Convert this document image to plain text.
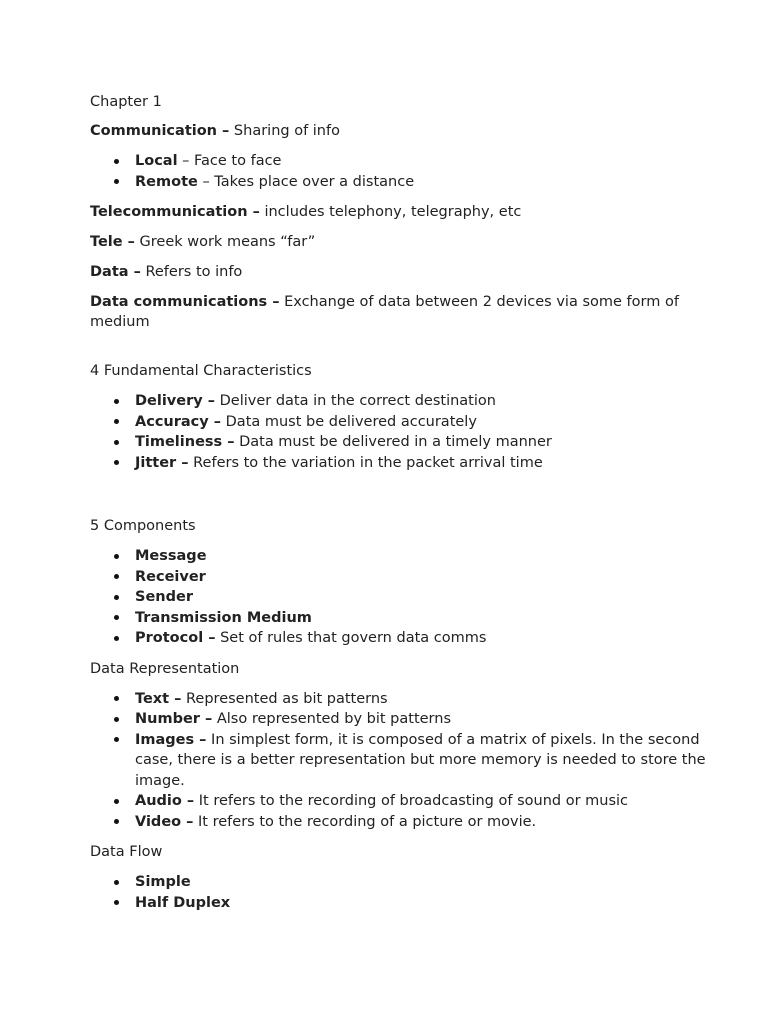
Chapter 1

Communication – Sharing of info

Local – Face to face
Remote – Takes place over a distance

Telecommunication – includes telephony, telegraphy, etc

Tele – Greek work means “far”

Data – Refers to info

Data communications – Exchange of data between 2 devices via some form of medium

4 Fundamental Characteristics

Delivery – Deliver data in the correct destination
Accuracy – Data must be delivered accurately
Timeliness – Data must be delivered in a timely manner
Jitter – Refers to the variation in the packet arrival time

5 Components

Message
Receiver
Sender
Transmission Medium
Protocol – Set of rules that govern data comms

Data Representation

Text – Represented as bit patterns
Number – Also represented by bit patterns
Images – In simplest form, it is composed of a matrix of pixels. In the second case, there is a better representation but more memory is needed to store the image.
Audio – It refers to the recording of broadcasting of sound or music
Video – It refers to the recording of a picture or movie.

Data Flow

Simple
Half Duplex
